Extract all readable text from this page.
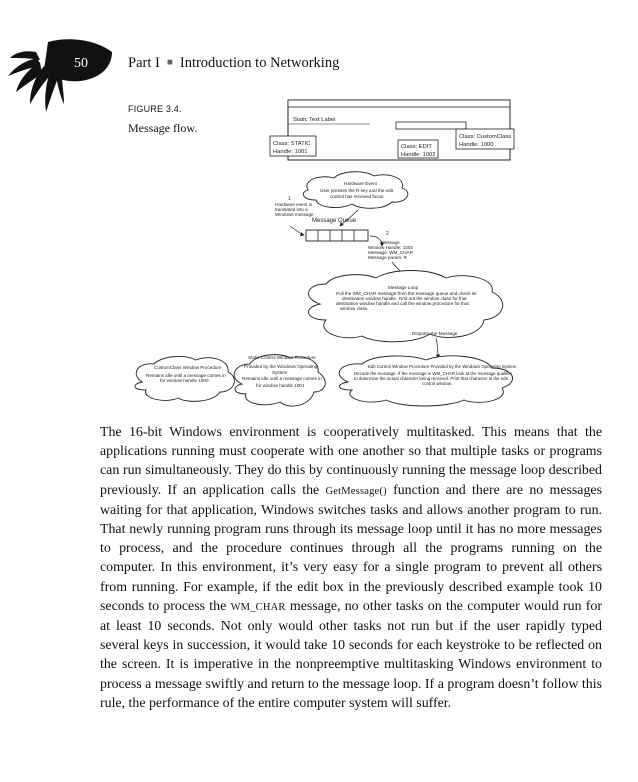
50	Part I ■ Introduction to Networking
FIGURE 3.4.
Message flow.
Static Text Label
Class: STATIC
Handle: 1001
Class: EDIT
Handle: 1002
Class: CustomClass
Handle: 1000
Hardware Event
User presses the R key and the edit
control has received focus
1
Hardware event is
translated into a
Windows message
Message Queue
2
Message
Window Handle: 1002
Message: WM_CHAR
Message param: R
Message Loop
Pull the WM_CHAR message from the message queue and check its
destination window handle. Find out the window class for that
destination window handle and call the window procedure for that
window class.
Dispatch the Message
CustomClass Window Procedure
Remains idle until a message comes in
for window handle 1000
Static Control Window Procedure
Provided by the Windows Operating
System
Remains idle until a message comes in
for window handle 1001
Edit Control Window Procedure Provided by the Windows Operating System
Decode the message. If the message is WM_CHAR look at the message qualifier
to determine the actual character being received. Print that character in the edit
control window.

The 16-bit Windows environment is cooperatively multitasked. This means that the applications running must cooperate with one another so that multiple tasks or programs can run simultaneously. They do this by continuously running the message loop described previously. If an application calls the GetMessage() function and there are no messages waiting for that application, Windows switches tasks and allows another program to run. That newly running program runs through its message loop until it has no more messages to process, and the procedure continues through all the programs running on the computer. In this environment, it’s very easy for a single program to prevent all others from running. For example, if the edit box in the previously described example took 10 seconds to process the WM_CHAR message, no other tasks on the computer would run for at least 10 seconds. Not only would other tasks not run but if the user rapidly typed several keys in succession, it would take 10 seconds for each keystroke to be reflected on the screen. It is imperative in the nonpreemptive multitasking Windows environment to process a message swiftly and return to the message loop. If a program doesn’t follow this rule, the performance of the entire computer system will suffer.
